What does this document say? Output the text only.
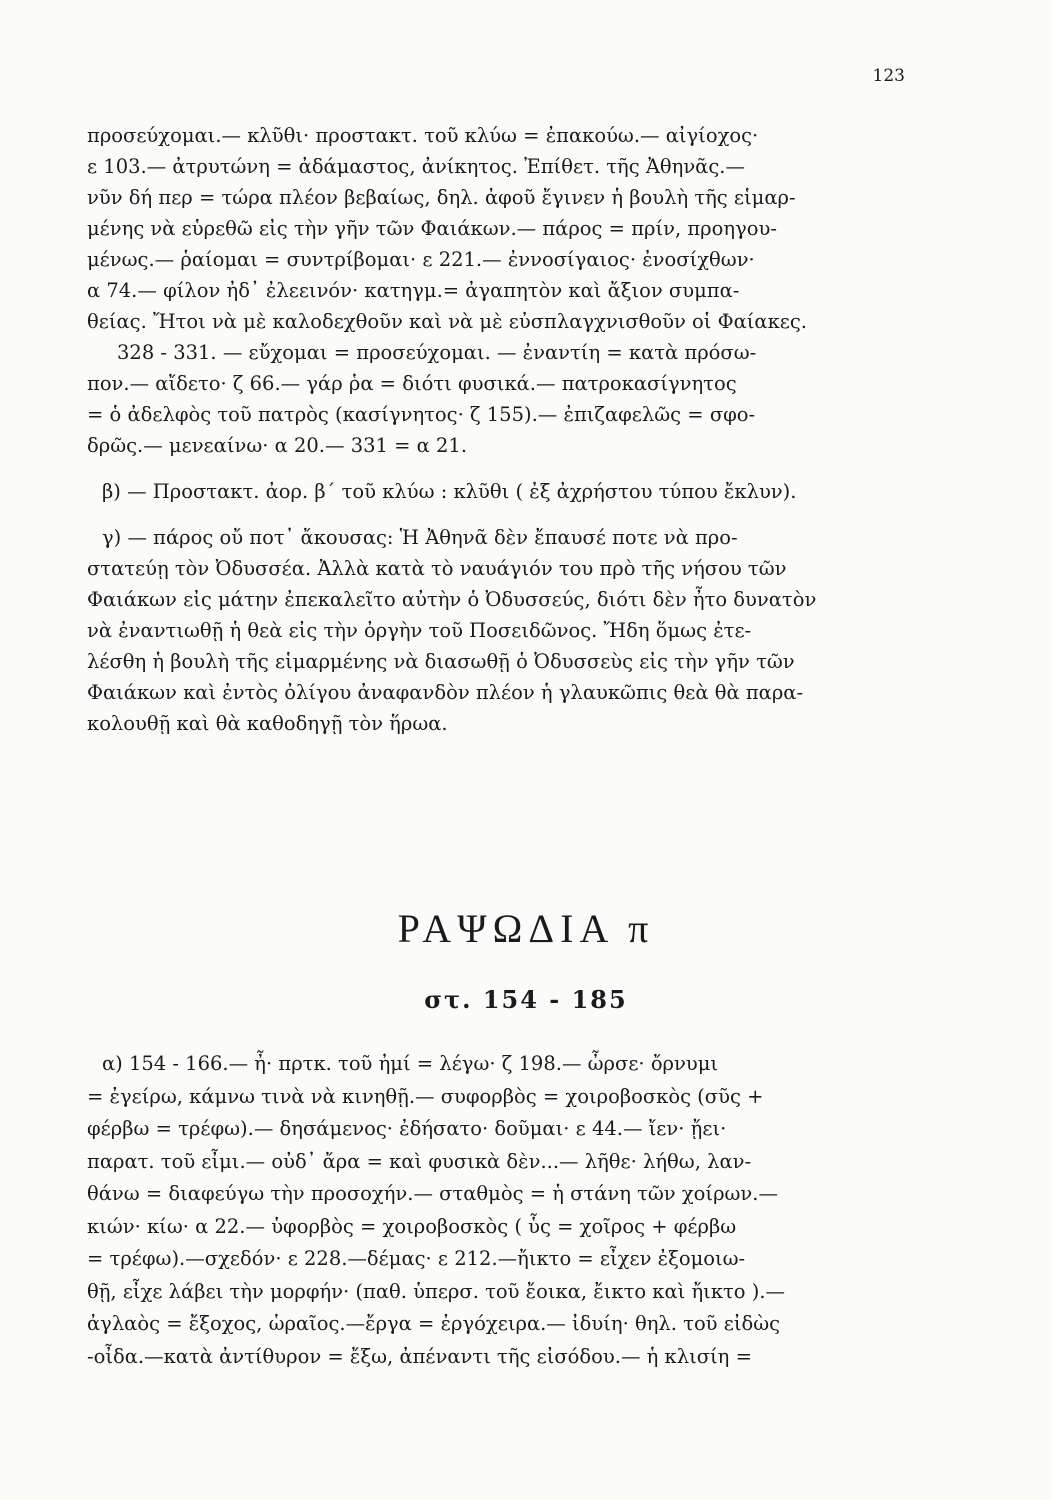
123
προσεύχομαι.— κλῦθι· προστακτ. τοῦ κλύω = ἐπακούω.— αἰγίοχος·
ε 103.— ἀτρυτώνη = ἀδάμαστος, ἀνίκητος. Ἐπίθετ. τῆς Ἀθηνᾶς.—
νῦν δή περ = τώρα πλέον βεβαίως, δηλ. ἀφοῦ ἔγινεν ἡ βουλὴ τῆς εἱμαρ-
μένης νὰ εὑρεθῶ εἰς τὴν γῆν τῶν Φαιάκων.— πάρος = πρίν, προηγου-
μένως.— ῥαίομαι = συντρίβομαι· ε 221.— ἐννοσίγαιος· ἐνοσίχθων·
α 74.— φίλον ἠδ᾽ ἐλεεινόν· κατηγμ.= ἀγαπητὸν καὶ ἄξιον συμπα-
θείας. Ἤτοι νὰ μὲ καλοδεχθοῦν καὶ νὰ μὲ εὐσπλαγχνισθοῦν οἱ Φαίακες.
328 - 331. — εὔχομαι = προσεύχομαι. — ἐναντίη = κατὰ πρόσω-
πον.— αἴδετο· ζ 66.— γάρ ῥα = διότι φυσικά.— πατροκασίγνητος
= ὁ ἀδελφὸς τοῦ πατρὸς (κασίγνητος· ζ 155).— ἐπιζαφελῶς = σφο-
δρῶς.— μενεαίνω· α 20.— 331 = α 21.
β) — Προστακτ. ἀορ. β΄ τοῦ κλύω : κλῦθι ( ἐξ ἀχρήστου τύπου ἔκλυν).
γ) — πάρος οὔ ποτ᾽ ἄκουσας: Ἡ Ἀθηνᾶ δὲν ἔπαυσέ ποτε νὰ προ-
στατεύῃ τὸν Ὀδυσσέα. Ἀλλὰ κατὰ τὸ ναυάγιόν του πρὸ τῆς νήσου τῶν
Φαιάκων εἰς μάτην ἐπεκαλεῖτο αὐτὴν ὁ Ὀδυσσεύς, διότι δὲν ἦτο δυνατὸν
νὰ ἐναντιωθῇ ἡ θεὰ εἰς τὴν ὀργὴν τοῦ Ποσειδῶνος. Ἤδη ὅμως ἐτε-
λέσθη ἡ βουλὴ τῆς εἱμαρμένης νὰ διασωθῇ ὁ Ὀδυσσεὺς εἰς τὴν γῆν τῶν
Φαιάκων καὶ ἐντὸς ὀλίγου ἀναφανδὸν πλέον ἡ γλαυκῶπις θεὰ θὰ παρα-
κολουθῇ καὶ θὰ καθοδηγῇ τὸν ἥρωα.
ΡΑΨΩΔΙΑ π
στ. 154 - 185
α) 154 - 166.— ἦ· πρτκ. τοῦ ἠμί = λέγω· ζ 198.— ὦρσε· ὄρνυμι
= ἐγείρω, κάμνω τινὰ νὰ κινηθῇ.— συφορβὸς = χοιροβοσκὸς (σῦς +
φέρβω = τρέφω).— δησάμενος· ἐδήσατο· δοῦμαι· ε 44.— ἴεν· ᾔει·
παρατ. τοῦ εἶμι.— οὐδ᾽ ἄρα = καὶ φυσικὰ δὲν...— λῆθε· λήθω, λαν-
θάνω = διαφεύγω τὴν προσοχήν.— σταθμὸς = ἡ στάνη τῶν χοίρων.—
κιών· κίω· α 22.— ὑφορβὸς = χοιροβοσκὸς ( ὗς = χοῖρος + φέρβω
= τρέφω).—σχεδόν· ε 228.—δέμας· ε 212.—ἤικτο = εἶχεν ἐξομοιω-
θῇ, εἶχε λάβει τὴν μορφήν· (παθ. ὑπερσ. τοῦ ἔοικα, ἔικτο καὶ ἤικτο ).—
ἀγλαὸς = ἔξοχος, ὡραῖος.—ἔργα = ἐργόχειρα.— ἰδυίη· θηλ. τοῦ εἰδὼς
-οἶδα.—κατὰ ἀντίθυρον = ἔξω, ἀπέναντι τῆς εἰσόδου.— ἡ κλισίη =
